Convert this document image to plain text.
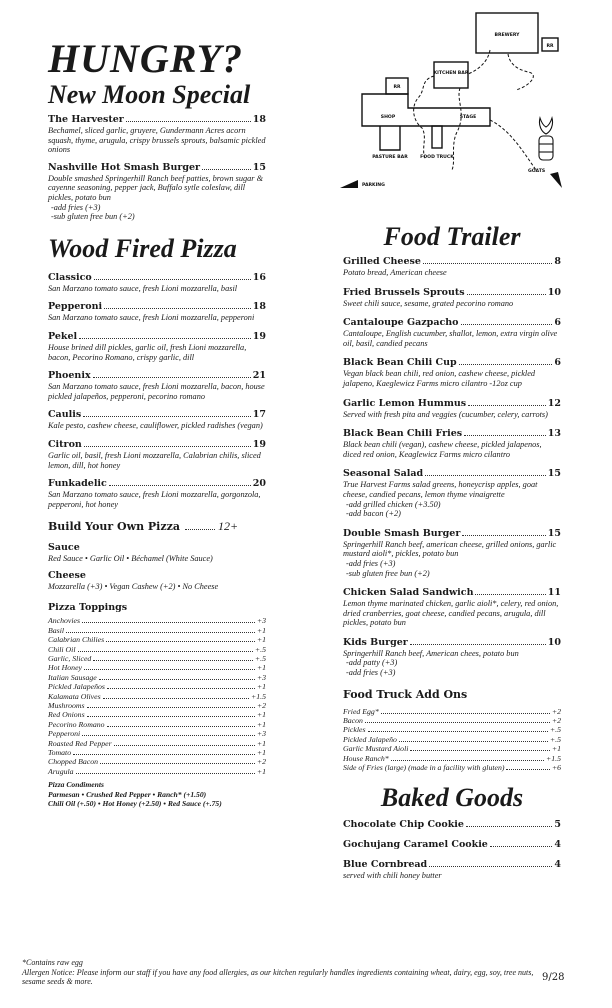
BREWERY
RR
RR
KITCHEN BAR
SHOP	STAGE
PASTURE BAR	FOOD TRUCK
PARKING
GOATS
HUNGRY?
New Moon Special
The Harvester	18
Bechamel, sliced garlic, gruyere, Gundermann Acres acorn squash, thyme, arugula, crispy brussels sprouts, balsamic pickled onions
Nashville Hot Smash Burger	15
Double smashed Springerhill Ranch beef patties, brown sugar & cayenne seasoning, pepper jack, Buffalo sytle coleslaw, dill pickles, potato bun
-add fries (+3)
-sub gluten free bun (+2)
Wood Fired Pizza
Classico	16
San Marzano tomato sauce, fresh Lioni mozzarella, basil
Pepperoni	18
San Marzano tomato sauce, fresh Lioni mozzarella, pepperoni
Pekel	19
House brined dill pickles, garlic oil, fresh Lioni mozzarella, bacon, Pecorino Romano, crispy garlic, dill
Phoenix	21
San Marzano tomato sauce, fresh Lioni mozzarella, bacon, house pickled jalapeños, pepperoni, pecorino romano
Caulis	17
Kale pesto, cashew cheese, cauliflower, pickled radishes (vegan)
Citron	19
Garlic oil, basil, fresh Lioni mozzarella, Calabrian chilis, sliced lemon, dill, hot honey
Funkadelic	20
San Marzano tomato sauce, fresh Lioni mozzarella, gorgonzola, pepperoni, hot honey
Build Your Own Pizza	12+
Sauce
Red Sauce • Garlic Oil • Béchamel (White Sauce)
Cheese
Mozzarella (+3) • Vegan Cashew (+2) • No Cheese
Pizza Toppings
Anchovies	+3
Basil	+1
Calabrian Chilies	+1
Chili Oil	+.5
Garlic, Sliced	+.5
Hot Honey	+1
Italian Sausage	+3
Pickled Jalapeños	+1
Kalamata Olives	+1.5
Mushrooms	+2
Red Onions	+1
Pecorino Romano	+1
Pepperoni	+3
Roasted Red Pepper	+1
Tomato	+1
Chopped Bacon	+2
Arugula	+1
Pizza Condiments
Parmesan • Crushed Red Pepper • Ranch* (+1.50)
Chili Oil (+.50) • Hot Honey (+2.50) • Red Sauce (+.75)
Food Trailer
Grilled Cheese	8
Potato bread, American cheese
Fried Brussels Sprouts	10
Sweet chili sauce, sesame, grated pecorino romano
Cantaloupe Gazpacho	6
Cantaloupe, English cucumber, shallot, lemon, extra virgin olive oil, basil, candied pecans
Black Bean Chili Cup	6
Vegan black bean chili, red onion, cashew cheese, pickled jalapeno, Kaeglewicz Farms micro cilantro -12oz cup
Garlic Lemon Hummus	12
Served with fresh pita and veggies (cucumber, celery, carrots)
Black Bean Chili Fries	13
Black bean chili (vegan), cashew cheese, pickled jalapenos, diced red onion, Keaglewicz Farms micro cilantro
Seasonal Salad	15
True Harvest Farms salad greens, honeycrisp apples, goat cheese, candied pecans, lemon thyme vinaigrette
-add grilled chicken (+3.50)
-add bacon (+2)
Double Smash Burger	15
Springerhill Ranch beef, american cheese, grilled onions, garlic mustard aioli*, pickles, potato bun
-add fries (+3)
-sub gluten free bun (+2)
Chicken Salad Sandwich	11
Lemon thyme marinated chicken, garlic aioli*, celery, red onion, dried cranberries, goat cheese, candied pecans, arugula, dill pickles, potato bun
Kids Burger	10
Springerhill Ranch beef, American chees, potato bun
-add patty (+3)
-add fries (+3)
Food Truck Add Ons
Fried Egg*	+2
Bacon	+2
Pickles	+.5
Pickled Jalapeño	+.5
Garlic Mustard Aioli	+1
House Ranch*	+1.5
Side of Fries (large) (made in a facility with gluten)	+6
Baked Goods
Chocolate Chip Cookie	5
Gochujang Caramel Cookie	4
Blue Cornbread	4
served with chili honey butter
*Contains raw egg
Allergen Notice: Please inform our staff if you have any food allergies, as our kitchen regularly handles ingredients containing wheat, dairy, egg, soy, tree nuts, sesame seeds & more.	9/28
